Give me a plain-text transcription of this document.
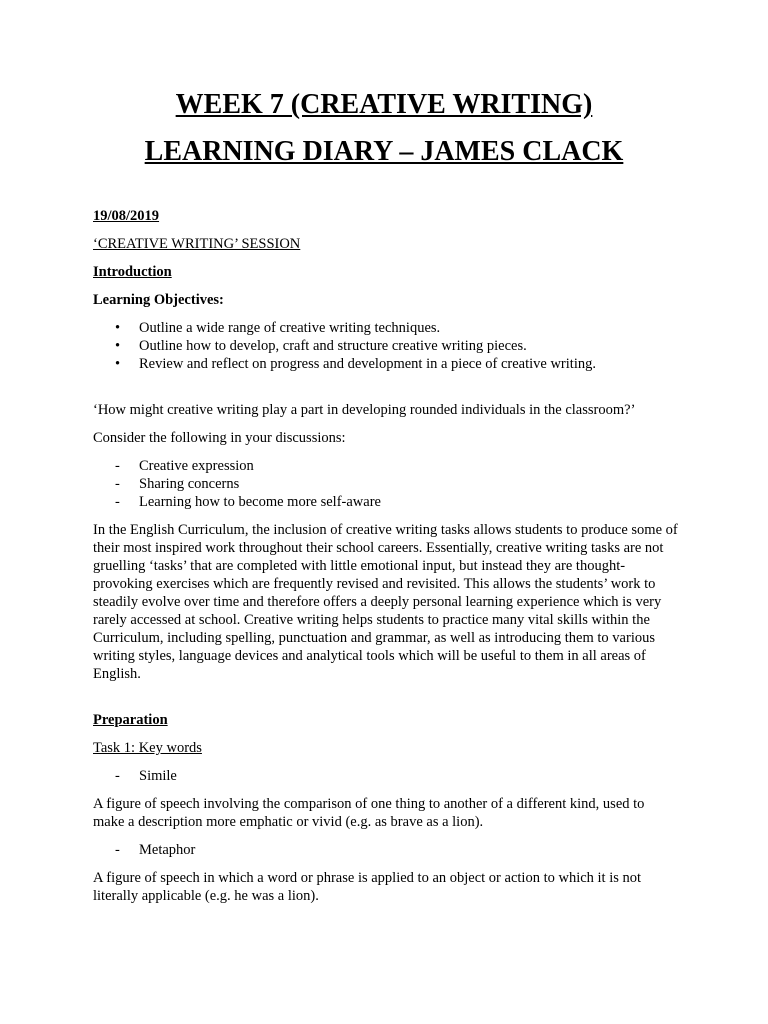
WEEK 7 (CREATIVE WRITING)
LEARNING DIARY – JAMES CLACK

19/08/2019

‘CREATIVE WRITING’ SESSION

Introduction

Learning Objectives:

• Outline a wide range of creative writing techniques.
• Outline how to develop, craft and structure creative writing pieces.
• Review and reflect on progress and development in a piece of creative writing.

‘How might creative writing play a part in developing rounded individuals in the classroom?’

Consider the following in your discussions:

- Creative expression
- Sharing concerns
- Learning how to become more self-aware

In the English Curriculum, the inclusion of creative writing tasks allows students to produce some of their most inspired work throughout their school careers. Essentially, creative writing tasks are not gruelling ‘tasks’ that are completed with little emotional input, but instead they are thought-provoking exercises which are frequently revised and revisited. This allows the students’ work to steadily evolve over time and therefore offers a deeply personal learning experience which is very rarely accessed at school. Creative writing helps students to practice many vital skills within the Curriculum, including spelling, punctuation and grammar, as well as introducing them to various writing styles, language devices and analytical tools which will be useful to them in all areas of English.

Preparation

Task 1: Key words

- Simile

A figure of speech involving the comparison of one thing to another of a different kind, used to make a description more emphatic or vivid (e.g. as brave as a lion).

- Metaphor

A figure of speech in which a word or phrase is applied to an object or action to which it is not literally applicable (e.g. he was a lion).
